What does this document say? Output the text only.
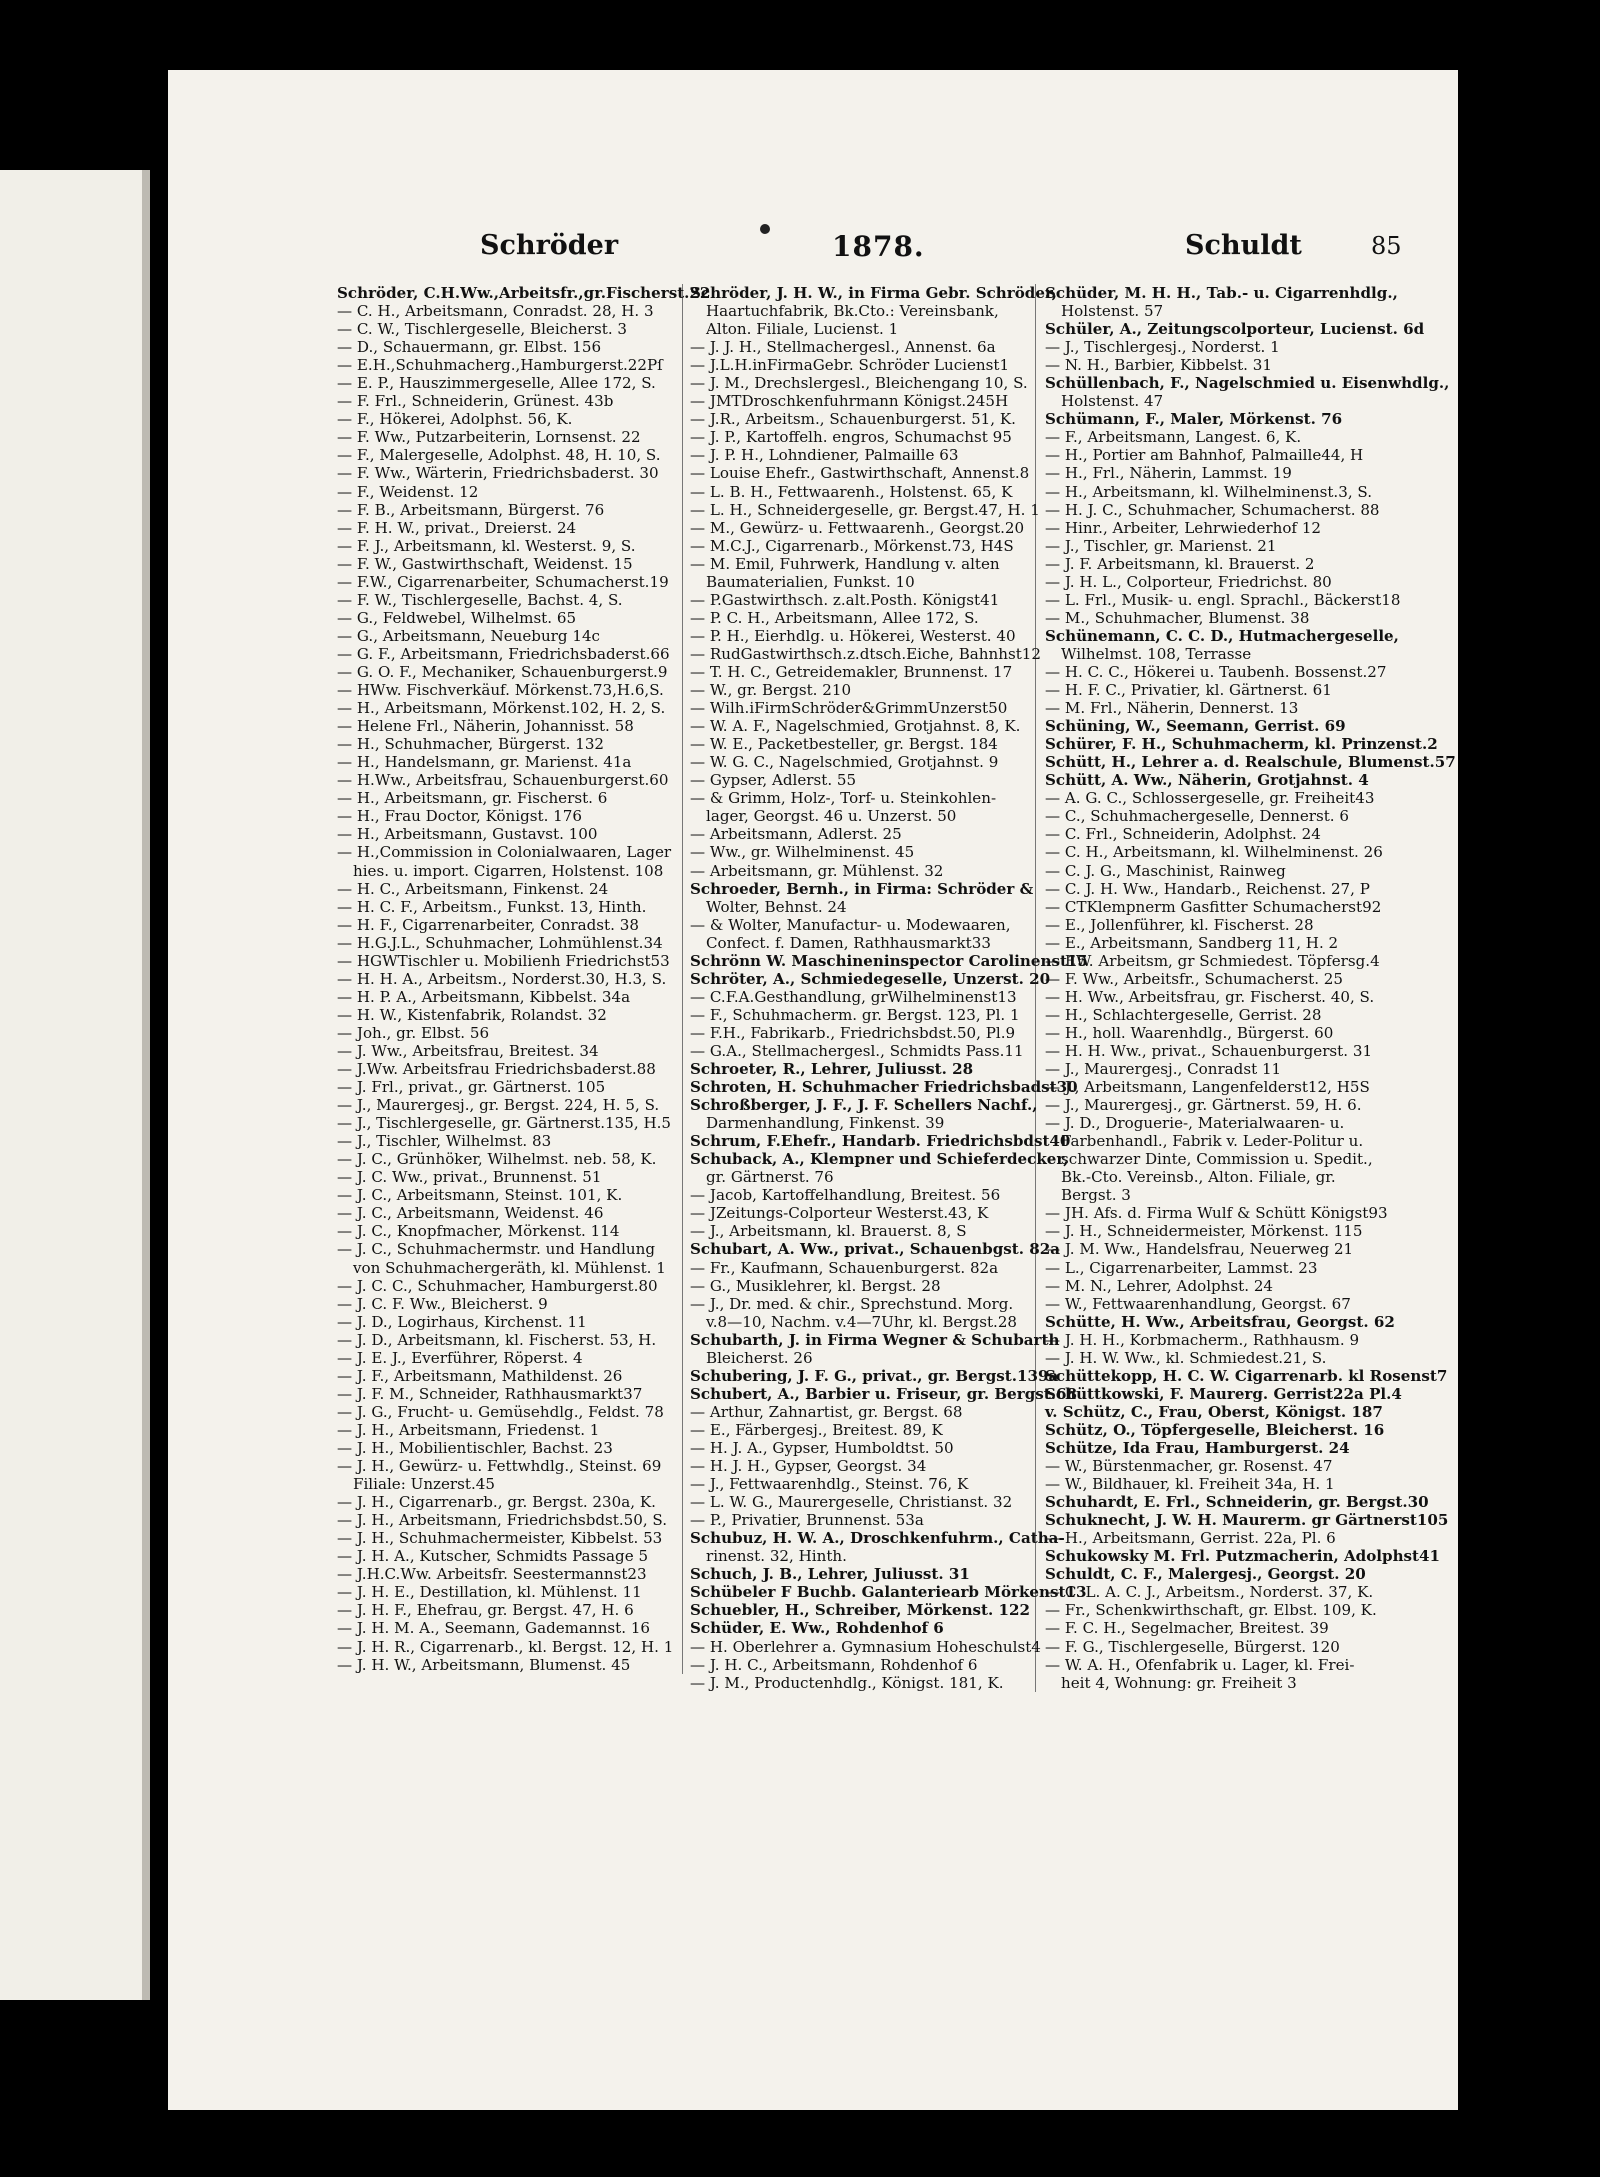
Schröder	1878.	Schuldt	85
Schröder, C.H.Ww.,Arbeitsfr.,gr.Fischerst.22
— C. H., Arbeitsmann, Conradst. 28, H. 3
— C. W., Tischlergeselle, Bleicherst. 3
— D., Schauermann, gr. Elbst. 156
— E.H.,Schuhmacherg.,Hamburgerst.22Pſ
— E. P., Hauszimmergeselle, Allee 172, S.
— F. Frl., Schneiderin, Grünest. 43b
— F., Hökerei, Adolphst. 56, K.
— F. Ww., Putzarbeiterin, Lornsenst. 22
— F., Malergeselle, Adolphst. 48, H. 10, S.
— F. Ww., Wärterin, Friedrichsbaderst. 30
— F., Weidenst. 12
— F. B., Arbeitsmann, Bürgerst. 76
— F. H. W., privat., Dreierst. 24
— F. J., Arbeitsmann, kl. Westerst. 9, S.
— F. W., Gastwirthschaft, Weidenst. 15
— F.W., Cigarrenarbeiter, Schumacherst.19
— F. W., Tischlergeselle, Bachst. 4, S.
— G., Feldwebel, Wilhelmst. 65
— G., Arbeitsmann, Neueburg 14c
— G. F., Arbeitsmann, Friedrichsbaderst.66
— G. O. F., Mechaniker, Schauenburgerst.9
— HWw. Fischverkäuf. Mörkenst.73,H.6,S.
— H., Arbeitsmann, Mörkenst.102, H. 2, S.
— Helene Frl., Näherin, Johannisst. 58
— H., Schuhmacher, Bürgerst. 132
— H., Handelsmann, gr. Marienst. 41a
— H.Ww., Arbeitsfrau, Schauenburgerst.60
— H., Arbeitsmann, gr. Fischerst. 6
— H., Frau Doctor, Königst. 176
— H., Arbeitsmann, Gustavst. 100
— H.,Commission in Colonialwaaren, Lager
hies. u. import. Cigarren, Holstenst. 108
— H. C., Arbeitsmann, Finkenst. 24
— H. C. F., Arbeitsm., Funkst. 13, Hinth.
— H. F., Cigarrenarbeiter, Conradst. 38
— H.G.J.L., Schuhmacher, Lohmühlenst.34
— HGWTischler u. Mobilienh Friedrichst53
— H. H. A., Arbeitsm., Norderst.30, H.3, S.
— H. P. A., Arbeitsmann, Kibbelst. 34a
— H. W., Kistenfabrik, Rolandst. 32
— Joh., gr. Elbst. 56
— J. Ww., Arbeitsfrau, Breitest. 34
— J.Ww. Arbeitsfrau Friedrichsbaderst.88
— J. Frl., privat., gr. Gärtnerst. 105
— J., Maurergesj., gr. Bergst. 224, H. 5, S.
— J., Tischlergeselle, gr. Gärtnerst.135, H.5
— J., Tischler, Wilhelmst. 83
— J. C., Grünhöker, Wilhelmst. neb. 58, K.
— J. C. Ww., privat., Brunnenst. 51
— J. C., Arbeitsmann, Steinst. 101, K.
— J. C., Arbeitsmann, Weidenst. 46
— J. C., Knopfmacher, Mörkenst. 114
— J. C., Schuhmachermstr. und Handlung
von Schuhmachergeräth, kl. Mühlenst. 1
— J. C. C., Schuhmacher, Hamburgerst.80
— J. C. F. Ww., Bleicherst. 9
— J. D., Logirhaus, Kirchenst. 11
— J. D., Arbeitsmann, kl. Fischerst. 53, H.
— J. E. J., Everführer, Röperst. 4
— J. F., Arbeitsmann, Mathildenst. 26
— J. F. M., Schneider, Rathhausmarkt37
— J. G., Frucht- u. Gemüsehdlg., Feldst. 78
— J. H., Arbeitsmann, Friedenst. 1
— J. H., Mobilientischler, Bachst. 23
— J. H., Gewürz- u. Fettwhdlg., Steinst. 69
Filiale: Unzerst.45
— J. H., Cigarrenarb., gr. Bergst. 230a, K.
— J. H., Arbeitsmann, Friedrichsbdst.50, S.
— J. H., Schuhmachermeister, Kibbelst. 53
— J. H. A., Kutscher, Schmidts Passage 5
— J.H.C.Ww. Arbeitsfr. Seestermannst23
— J. H. E., Destillation, kl. Mühlenst. 11
— J. H. F., Ehefrau, gr. Bergst. 47, H. 6
— J. H. M. A., Seemann, Gademannst. 16
— J. H. R., Cigarrenarb., kl. Bergst. 12, H. 1
— J. H. W., Arbeitsmann, Blumenst. 45
Schröder, J. H. W., in Firma Gebr. Schröder,
Haartuchfabrik, Bk.Cto.: Vereinsbank,
Alton. Filiale, Lucienst. 1
— J. J. H., Stellmachergesl., Annenst. 6a
— J.L.H.inFirmaGebr. Schröder Lucienst1
— J. M., Drechslergesl., Bleichengang 10, S.
— JMTDroschkenfuhrmann Königst.245H
— J.R., Arbeitsm., Schauenburgerst. 51, K.
— J. P., Kartoffelh. engros, Schumachst 95
— J. P. H., Lohndiener, Palmaille 63
— Louise Ehefr., Gastwirthschaft, Annenst.8
— L. B. H., Fettwaarenh., Holstenst. 65, K
— L. H., Schneidergeselle, gr. Bergst.47, H. 1
— M., Gewürz- u. Fettwaarenh., Georgst.20
— M.C.J., Cigarrenarb., Mörkenst.73, H4S
— M. Emil, Fuhrwerk, Handlung v. alten
Baumaterialien, Funkst. 10
— P.Gastwirthsch. z.alt.Posth. Königst41
— P. C. H., Arbeitsmann, Allee 172, S.
— P. H., Eierhdlg. u. Hökerei, Westerst. 40
— RudGastwirthsch.z.dtsch.Eiche, Bahnhst12
— T. H. C., Getreidemakler, Brunnenst. 17
— W., gr. Bergst. 210
— Wilh.iFirmSchröder&GrimmUnzerst50
— W. A. F., Nagelschmied, Grotjahnst. 8, K.
— W. E., Packetbesteller, gr. Bergst. 184
— W. G. C., Nagelschmied, Grotjahnst. 9
— Gypser, Adlerst. 55
— & Grimm, Holz-, Torf- u. Steinkohlen-
lager, Georgst. 46 u. Unzerst. 50
— Arbeitsmann, Adlerst. 25
— Ww., gr. Wilhelminenst. 45
— Arbeitsmann, gr. Mühlenst. 32
Schroeder, Bernh., in Firma: Schröder &
Wolter, Behnst. 24
— & Wolter, Manufactur- u. Modewaaren,
Confect. f. Damen, Rathhausmarkt33
Schrönn W. Maschineninspector Carolinenst15
Schröter, A., Schmiedegeselle, Unzerst. 20
— C.F.A.Gesthandlung, grWilhelminenst13
— F., Schuhmacherm. gr. Bergst. 123, Pl. 1
— F.H., Fabrikarb., Friedrichsbdst.50, Pl.9
— G.A., Stellmachergesl., Schmidts Pass.11
Schroeter, R., Lehrer, Juliusst. 28
Schroten, H. Schuhmacher Friedrichsbadst30
Schroßberger, J. F., J. F. Schellers Nachf.,
Darmenhandlung, Finkenst. 39
Schrum, F.Ehefr., Handarb. Friedrichsbdst40
Schuback, A., Klempner und Schieferdecker,
gr. Gärtnerst. 76
— Jacob, Kartoffelhandlung, Breitest. 56
— JZeitungs-Colporteur Westerst.43, K
— J., Arbeitsmann, kl. Brauerst. 8, S
Schubart, A. Ww., privat., Schauenbgst. 82a
— Fr., Kaufmann, Schauenburgerst. 82a
— G., Musiklehrer, kl. Bergst. 28
— J., Dr. med. & chir., Sprechstund. Morg.
v.8—10, Nachm. v.4—7Uhr, kl. Bergst.28
Schubarth, J. in Firma Wegner & Schubarth
Bleicherst. 26
Schubering, J. F. G., privat., gr. Bergst.139a
Schubert, A., Barbier u. Friseur, gr. Bergst.68
— Arthur, Zahnartist, gr. Bergst. 68
— E., Färbergesj., Breitest. 89, K
— H. J. A., Gypser, Humboldtst. 50
— H. J. H., Gypser, Georgst. 34
— J., Fettwaarenhdlg., Steinst. 76, K
— L. W. G., Maurergeselle, Christianst. 32
— P., Privatier, Brunnenst. 53a
Schubuz, H. W. A., Droschkenfuhrm., Catha-
rinenst. 32, Hinth.
Schuch, J. B., Lehrer, Juliusst. 31
Schübeler F Buchb. Galanteriearb Mörkenst13
Schuebler, H., Schreiber, Mörkenst. 122
Schüder, E. Ww., Rohdenhof 6
— H. Oberlehrer a. Gymnasium Hoheschulst4
— J. H. C., Arbeitsmann, Rohdenhof 6
— J. M., Productenhdlg., Königst. 181, K.
Schüder, M. H. H., Tab.- u. Cigarrenhdlg.,
Holstenst. 57
Schüler, A., Zeitungscolporteur, Lucienst. 6d
— J., Tischlergesj., Norderst. 1
— N. H., Barbier, Kibbelst. 31
Schüllenbach, F., Nagelschmied u. Eisenwhdlg.,
Holstenst. 47
Schümann, F., Maler, Mörkenst. 76
— F., Arbeitsmann, Langest. 6, K.
— H., Portier am Bahnhof, Palmaille44, H
— H., Frl., Näherin, Lammst. 19
— H., Arbeitsmann, kl. Wilhelminenst.3, S.
— H. J. C., Schuhmacher, Schumacherst. 88
— Hinr., Arbeiter, Lehrwiederhof 12
— J., Tischler, gr. Marienst. 21
— J. F. Arbeitsmann, kl. Brauerst. 2
— J. H. L., Colporteur, Friedrichst. 80
— L. Frl., Musik- u. engl. Sprachl., Bäckerst18
— M., Schuhmacher, Blumenst. 38
Schünemann, C. C. D., Hutmachergeselle,
Wilhelmst. 108, Terrasse
— H. C. C., Hökerei u. Taubenh. Bossenst.27
— H. F. C., Privatier, kl. Gärtnerst. 61
— M. Frl., Näherin, Dennerst. 13
Schüning, W., Seemann, Gerrist. 69
Schürer, F. H., Schuhmacherm, kl. Prinzenst.2
Schütt, H., Lehrer a. d. Realschule, Blumenst.57
Schütt, A. Ww., Näherin, Grotjahnst. 4
— A. G. C., Schlossergeselle, gr. Freiheit43
— C., Schuhmachergeselle, Dennerst. 6
— C. Frl., Schneiderin, Adolphst. 24
— C. H., Arbeitsmann, kl. Wilhelminenst. 26
— C. J. G., Maschinist, Rainweg
— C. J. H. Ww., Handarb., Reichenst. 27, P
— CTKlempnerm Gasfitter Schumacherst92
— E., Jollenführer, kl. Fischerst. 28
— E., Arbeitsmann, Sandberg 11, H. 2
— EW. Arbeitsm, gr Schmiedest. Töpfersg.4
— F. Ww., Arbeitsfr., Schumacherst. 25
— H. Ww., Arbeitsfrau, gr. Fischerst. 40, S.
— H., Schlachtergeselle, Gerrist. 28
— H., holl. Waarenhdlg., Bürgerst. 60
— H. H. Ww., privat., Schauenburgerst. 31
— J., Maurergesj., Conradst 11
— J., Arbeitsmann, Langenfelderst12, H5S
— J., Maurergesj., gr. Gärtnerst. 59, H. 6.
— J. D., Droguerie-, Materialwaaren- u.
Farbenhandl., Fabrik v. Leder-Politur u.
schwarzer Dinte, Commission u. Spedit.,
Bk.-Cto. Vereinsb., Alton. Filiale, gr.
Bergst. 3
— JH. Afs. d. Firma Wulf & Schütt Königst93
— J. H., Schneidermeister, Mörkenst. 115
— J. M. Ww., Handelsfrau, Neuerweg 21
— L., Cigarrenarbeiter, Lammst. 23
— M. N., Lehrer, Adolphst. 24
— W., Fettwaarenhandlung, Georgst. 67
Schütte, H. Ww., Arbeitsfrau, Georgst. 62
— J. H. H., Korbmacherm., Rathhausm. 9
— J. H. W. Ww., kl. Schmiedest.21, S.
Schüttekopp, H. C. W. Cigarrenarb. kl Rosenst7
Schüttkowski, F. Maurerg. Gerrist22a Pl.4
v. Schütz, C., Frau, Oberst, Königst. 187
Schütz, O., Töpfergeselle, Bleicherst. 16
Schütze, Ida Frau, Hamburgerst. 24
— W., Bürstenmacher, gr. Rosenst. 47
— W., Bildhauer, kl. Freiheit 34a, H. 1
Schuhardt, E. Frl., Schneiderin, gr. Bergst.30
Schuknecht, J. W. H. Maurerm. gr Gärtnerst105
— H., Arbeitsmann, Gerrist. 22a, Pl. 6
Schukowsky M. Frl. Putzmacherin, Adolphst41
Schuldt, C. F., Malergesj., Georgst. 20
— C. L. A. C. J., Arbeitsm., Norderst. 37, K.
— Fr., Schenkwirthschaft, gr. Elbst. 109, K.
— F. C. H., Segelmacher, Breitest. 39
— F. G., Tischlergeselle, Bürgerst. 120
— W. A. H., Ofenfabrik u. Lager, kl. Frei-
heit 4, Wohnung: gr. Freiheit 3
